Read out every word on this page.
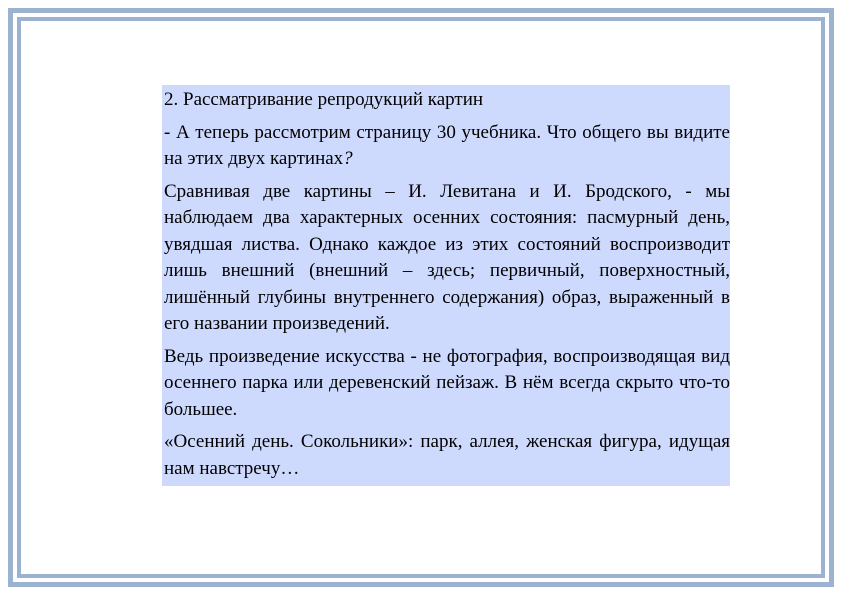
2. Рассматривание репродукций картин

- А теперь рассмотрим страницу 30 учебника. Что общего вы видите на этих двух картинах?

Сравнивая две картины – И. Левитана и И. Бродского, - мы наблюдаем два характерных осенних состояния: пасмурный день, увядшая листва. Однако каждое из этих состояний воспроизводит лишь внешний (внешний – здесь; первичный, поверхностный, лишённый глубины внутреннего содержания) образ, выраженный в его названии произведений.

Ведь произведение искусства - не фотография, воспроизводящая вид осеннего парка или деревенский пейзаж. В нём всегда скрыто что-то большее.

«Осенний день. Сокольники»: парк, аллея, женская фигура, идущая нам навстречу…
